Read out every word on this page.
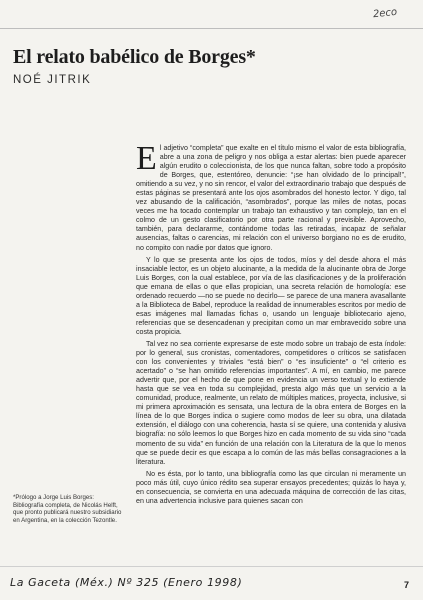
2eco
El relato babélico de Borges*
NOÉ JITRIK

El adjetivo “completa” que exalte en el título mismo el valor de esta bibliografía, abre a una zona de peligro y nos obliga a estar alertas: bien puede aparecer algún erudito o coleccionista, de los que nunca faltan, sobre todo a propósito de Borges, que, estentóreo, denuncie: “¡se han olvidado de lo principal!”, omitiendo a su vez, y no sin rencor, el valor del extraordinario trabajo que después de estas páginas se presentará ante los ojos asombrados del honesto lector. Y digo, tal vez abusando de la calificación, “asombrados”, porque las miles de notas, pocas veces me ha tocado contemplar un trabajo tan exhaustivo y tan complejo, tan en el colmo de un gesto clasificatorio por otra parte racional y previsible. Aprovecho, también, para declararme, contándome todas las retiradas, incapaz de señalar ausencias, faltas o carencias, mi relación con el universo borgiano no es de erudito, no compito con nadie por datos que ignoro.

Y lo que se presenta ante los ojos de todos, míos y del desde ahora el más insaciable lector, es un objeto alucinante, a la medida de la alucinante obra de Jorge Luis Borges, con la cual establece, por vía de las clasificaciones y de la proliferación que emana de ellas o que ellas propician, una secreta relación de homología: ese ordenado recuerdo —no se puede no decirlo— se parece de una manera avasallante a la Biblioteca de Babel, reproduce la realidad de innumerables escritos por medio de esas imágenes mal llamadas fichas o, usando un lenguaje bibliotecario ajeno, referencias que se desencadenan y precipitan como un mar embravecido sobre una costa propicia.

Tal vez no sea corriente expresarse de este modo sobre un trabajo de esta índole: por lo general, sus cronistas, comentadores, competidores o críticos se satisfacen con los convenientes y triviales “está bien” o “es insuficiente” o “el criterio es acertado” o “se han omitido referencias importantes”. A mí, en cambio, me parece advertir que, por el hecho de que pone en evidencia un verso textual y lo extiende hasta que se vea en toda su complejidad, presta algo más que un servicio a la comunidad, produce, realmente, un relato de múltiples matices, proyecta, inclusive, si mi primera aproximación es sensata, una lectura de la obra entera de Borges en la línea de lo que Borges indica o sugiere como modos de leer su obra, una dilatada extensión, el diálogo con una coherencia, hasta sí se quiere, una contenida y alusiva biografía: no sólo leemos lo que Borges hizo en cada momento de su vida sino “cada momento de su vida” en función de una relación con la Literatura de la que lo menos que se puede decir es que escapa a lo común de las más bellas consagraciones a la literatura.

No es ésta, por lo tanto, una bibliografía como las que circulan ni meramente un poco más útil, cuyo único rédito sea superar ensayos precedentes; quizás lo haya y, en consecuencia, se convierta en una adecuada máquina de corrección de las citas, en una advertencia inclusive para quienes sacan con

*Prólogo a Jorge Luis Borges: Bibliografía completa, de Nicolás Helft, que pronto publicará nuestro subsidiario en Argentina, en la colección Tezontle.

La Gaceta (Méx.) Nº 325 (Enero 1998)	7
